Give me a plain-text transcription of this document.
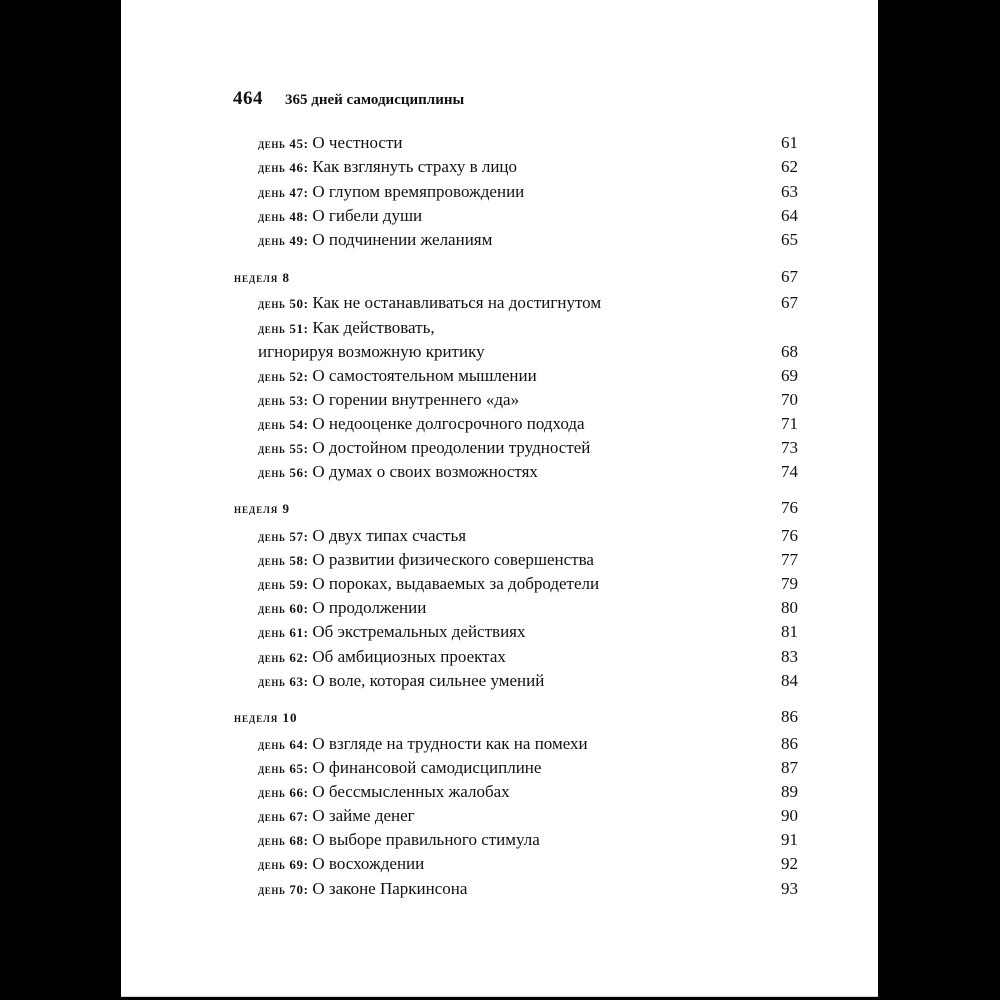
464 365 дней самодисциплины
день 45: О честности	61
день 46: Как взглянуть страху в лицо	62
день 47: О глупом времяпровождении	63
день 48: О гибели души	64
день 49: О подчинении желаниям	65
неделя 8	67
день 50: Как не останавливаться на достигнутом	67
день 51: Как действовать,
игнорируя возможную критику	68
день 52: О самостоятельном мышлении	69
день 53: О горении внутреннего «да»	70
день 54: О недооценке долгосрочного подхода	71
день 55: О достойном преодолении трудностей	73
день 56: О думах о своих возможностях	74
неделя 9	76
день 57: О двух типах счастья	76
день 58: О развитии физического совершенства	77
день 59: О пороках, выдаваемых за добродетели	79
день 60: О продолжении	80
день 61: Об экстремальных действиях	81
день 62: Об амбициозных проектах	83
день 63: О воле, которая сильнее умений	84
неделя 10	86
день 64: О взгляде на трудности как на помехи	86
день 65: О финансовой самодисциплине	87
день 66: О бессмысленных жалобах	89
день 67: О займе денег	90
день 68: О выборе правильного стимула	91
день 69: О восхождении	92
день 70: О законе Паркинсона	93
